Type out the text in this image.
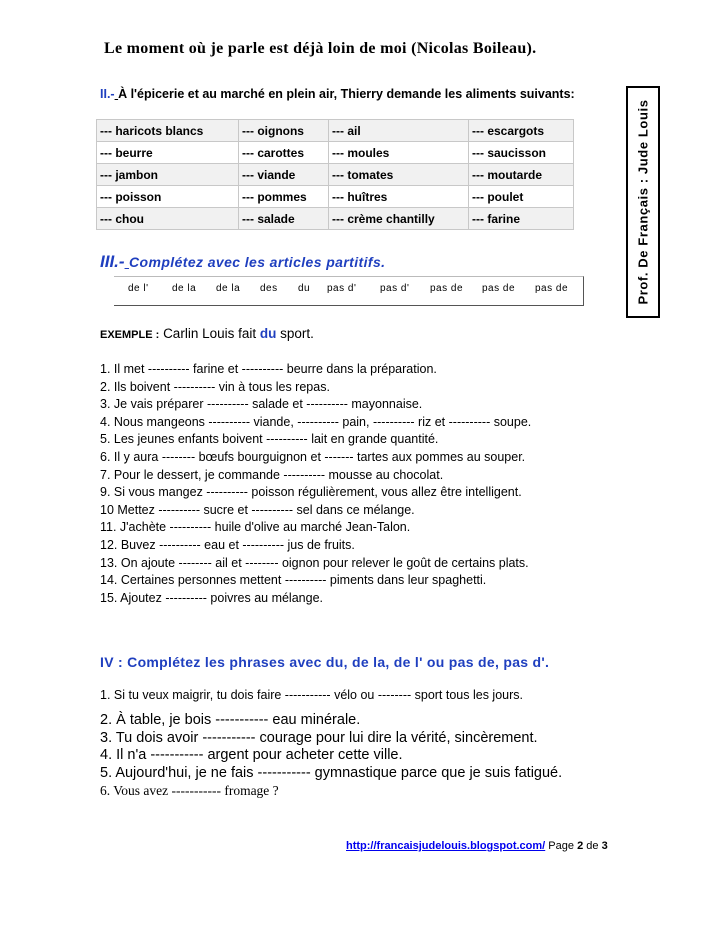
Le moment où je parle est déjà loin de moi (Nicolas Boileau).
Prof. De Français : Jude Louis
II.- À l'épicerie et au marché en plein air, Thierry demande les aliments suivants:
--- haricots blancs	--- oignons	--- ail	--- escargots
--- beurre	--- carottes	--- moules	--- saucisson
--- jambon	--- viande	--- tomates	--- moutarde
--- poisson	--- pommes	--- huîtres	--- poulet
--- chou	--- salade	--- crème chantilly	--- farine
III.- Complétez avec les articles partitifs.
de l' de la de la des du pas d' pas d' pas de pas de pas de
EXEMPLE : Carlin Louis fait du sport.
1. Il met ---------- farine et ---------- beurre dans la préparation.
2. Ils boivent ---------- vin à tous les repas.
3. Je vais préparer ---------- salade et ---------- mayonnaise.
4. Nous mangeons ---------- viande, ---------- pain, ---------- riz et ---------- soupe.
5. Les jeunes enfants boivent ---------- lait en grande quantité.
6. Il y aura -------- bœufs bourguignon et ------- tartes aux pommes au souper.
7. Pour le dessert, je commande ---------- mousse au chocolat.
9. Si vous mangez ---------- poisson régulièrement, vous allez être intelligent.
10 Mettez ---------- sucre et ---------- sel dans ce mélange.
11. J'achète ---------- huile d'olive au marché Jean-Talon.
12. Buvez ---------- eau et ---------- jus de fruits.
13. On ajoute -------- ail et -------- oignon pour relever le goût de certains plats.
14. Certaines personnes mettent ---------- piments dans leur spaghetti.
15. Ajoutez ---------- poivres au mélange.
IV : Complétez les phrases avec du, de la, de l' ou pas de, pas d'.
1. Si tu veux maigrir, tu dois faire ----------- vélo ou -------- sport tous les jours.
2. À table, je bois ----------- eau minérale.
3. Tu dois avoir ----------- courage pour lui dire la vérité, sincèrement.
4. Il n'a ----------- argent pour acheter cette ville.
5. Aujourd'hui, je ne fais ----------- gymnastique parce que je suis fatigué.
6. Vous avez ----------- fromage ?
http://francaisjudelouis.blogspot.com/ Page 2 de 3
